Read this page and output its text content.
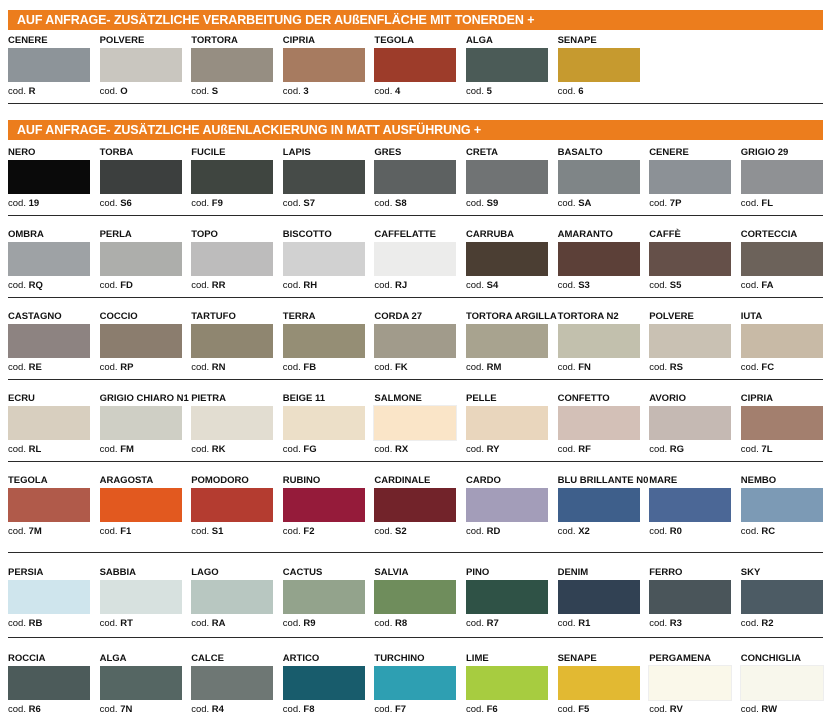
AUF ANFRAGE- ZUSÄTZLICHE VERARBEITUNG DER AUßENFLÄCHE MIT TONERDEN +
CENERE
cod. R
POLVERE
cod. O
TORTORA
cod. S
CIPRIA
cod. 3
TEGOLA
cod. 4
ALGA
cod. 5
SENAPE
cod. 6
AUF ANFRAGE- ZUSÄTZLICHE AUßENLACKIERUNG IN MATT AUSFÜHRUNG +
NERO
cod. 19
TORBA
cod. S6
FUCILE
cod. F9
LAPIS
cod. S7
GRES
cod. S8
CRETA
cod. S9
BASALTO
cod. SA
CENERE
cod. 7P
GRIGIO 29
cod. FL
OMBRA
cod. RQ
PERLA
cod. FD
TOPO
cod. RR
BISCOTTO
cod. RH
CAFFELATTE
cod. RJ
CARRUBA
cod. S4
AMARANTO
cod. S3
CAFFÈ
cod. S5
CORTECCIA
cod. FA
CASTAGNO
cod. RE
COCCIO
cod. RP
TARTUFO
cod. RN
TERRA
cod. FB
CORDA 27
cod. FK
TORTORA ARGILLA
cod. RM
TORTORA N2
cod. FN
POLVERE
cod. RS
IUTA
cod. FC
ECRU
cod. RL
GRIGIO CHIARO N1
cod. FM
PIETRA
cod. RK
BEIGE 11
cod. FG
SALMONE
cod. RX
PELLE
cod. RY
CONFETTO
cod. RF
AVORIO
cod. RG
CIPRIA
cod. 7L
TEGOLA
cod. 7M
ARAGOSTA
cod. F1
POMODORO
cod. S1
RUBINO
cod. F2
CARDINALE
cod. S2
CARDO
cod. RD
BLU BRILLANTE N0
cod. X2
MARE
cod. R0
NEMBO
cod. RC
PERSIA
cod. RB
SABBIA
cod. RT
LAGO
cod. RA
CACTUS
cod. R9
SALVIA
cod. R8
PINO
cod. R7
DENIM
cod. R1
FERRO
cod. R3
SKY
cod. R2
ROCCIA
cod. R6
ALGA
cod. 7N
CALCE
cod. R4
ARTICO
cod. F8
TURCHINO
cod. F7
LIME
cod. F6
SENAPE
cod. F5
PERGAMENA
cod. RV
CONCHIGLIA
cod. RW
